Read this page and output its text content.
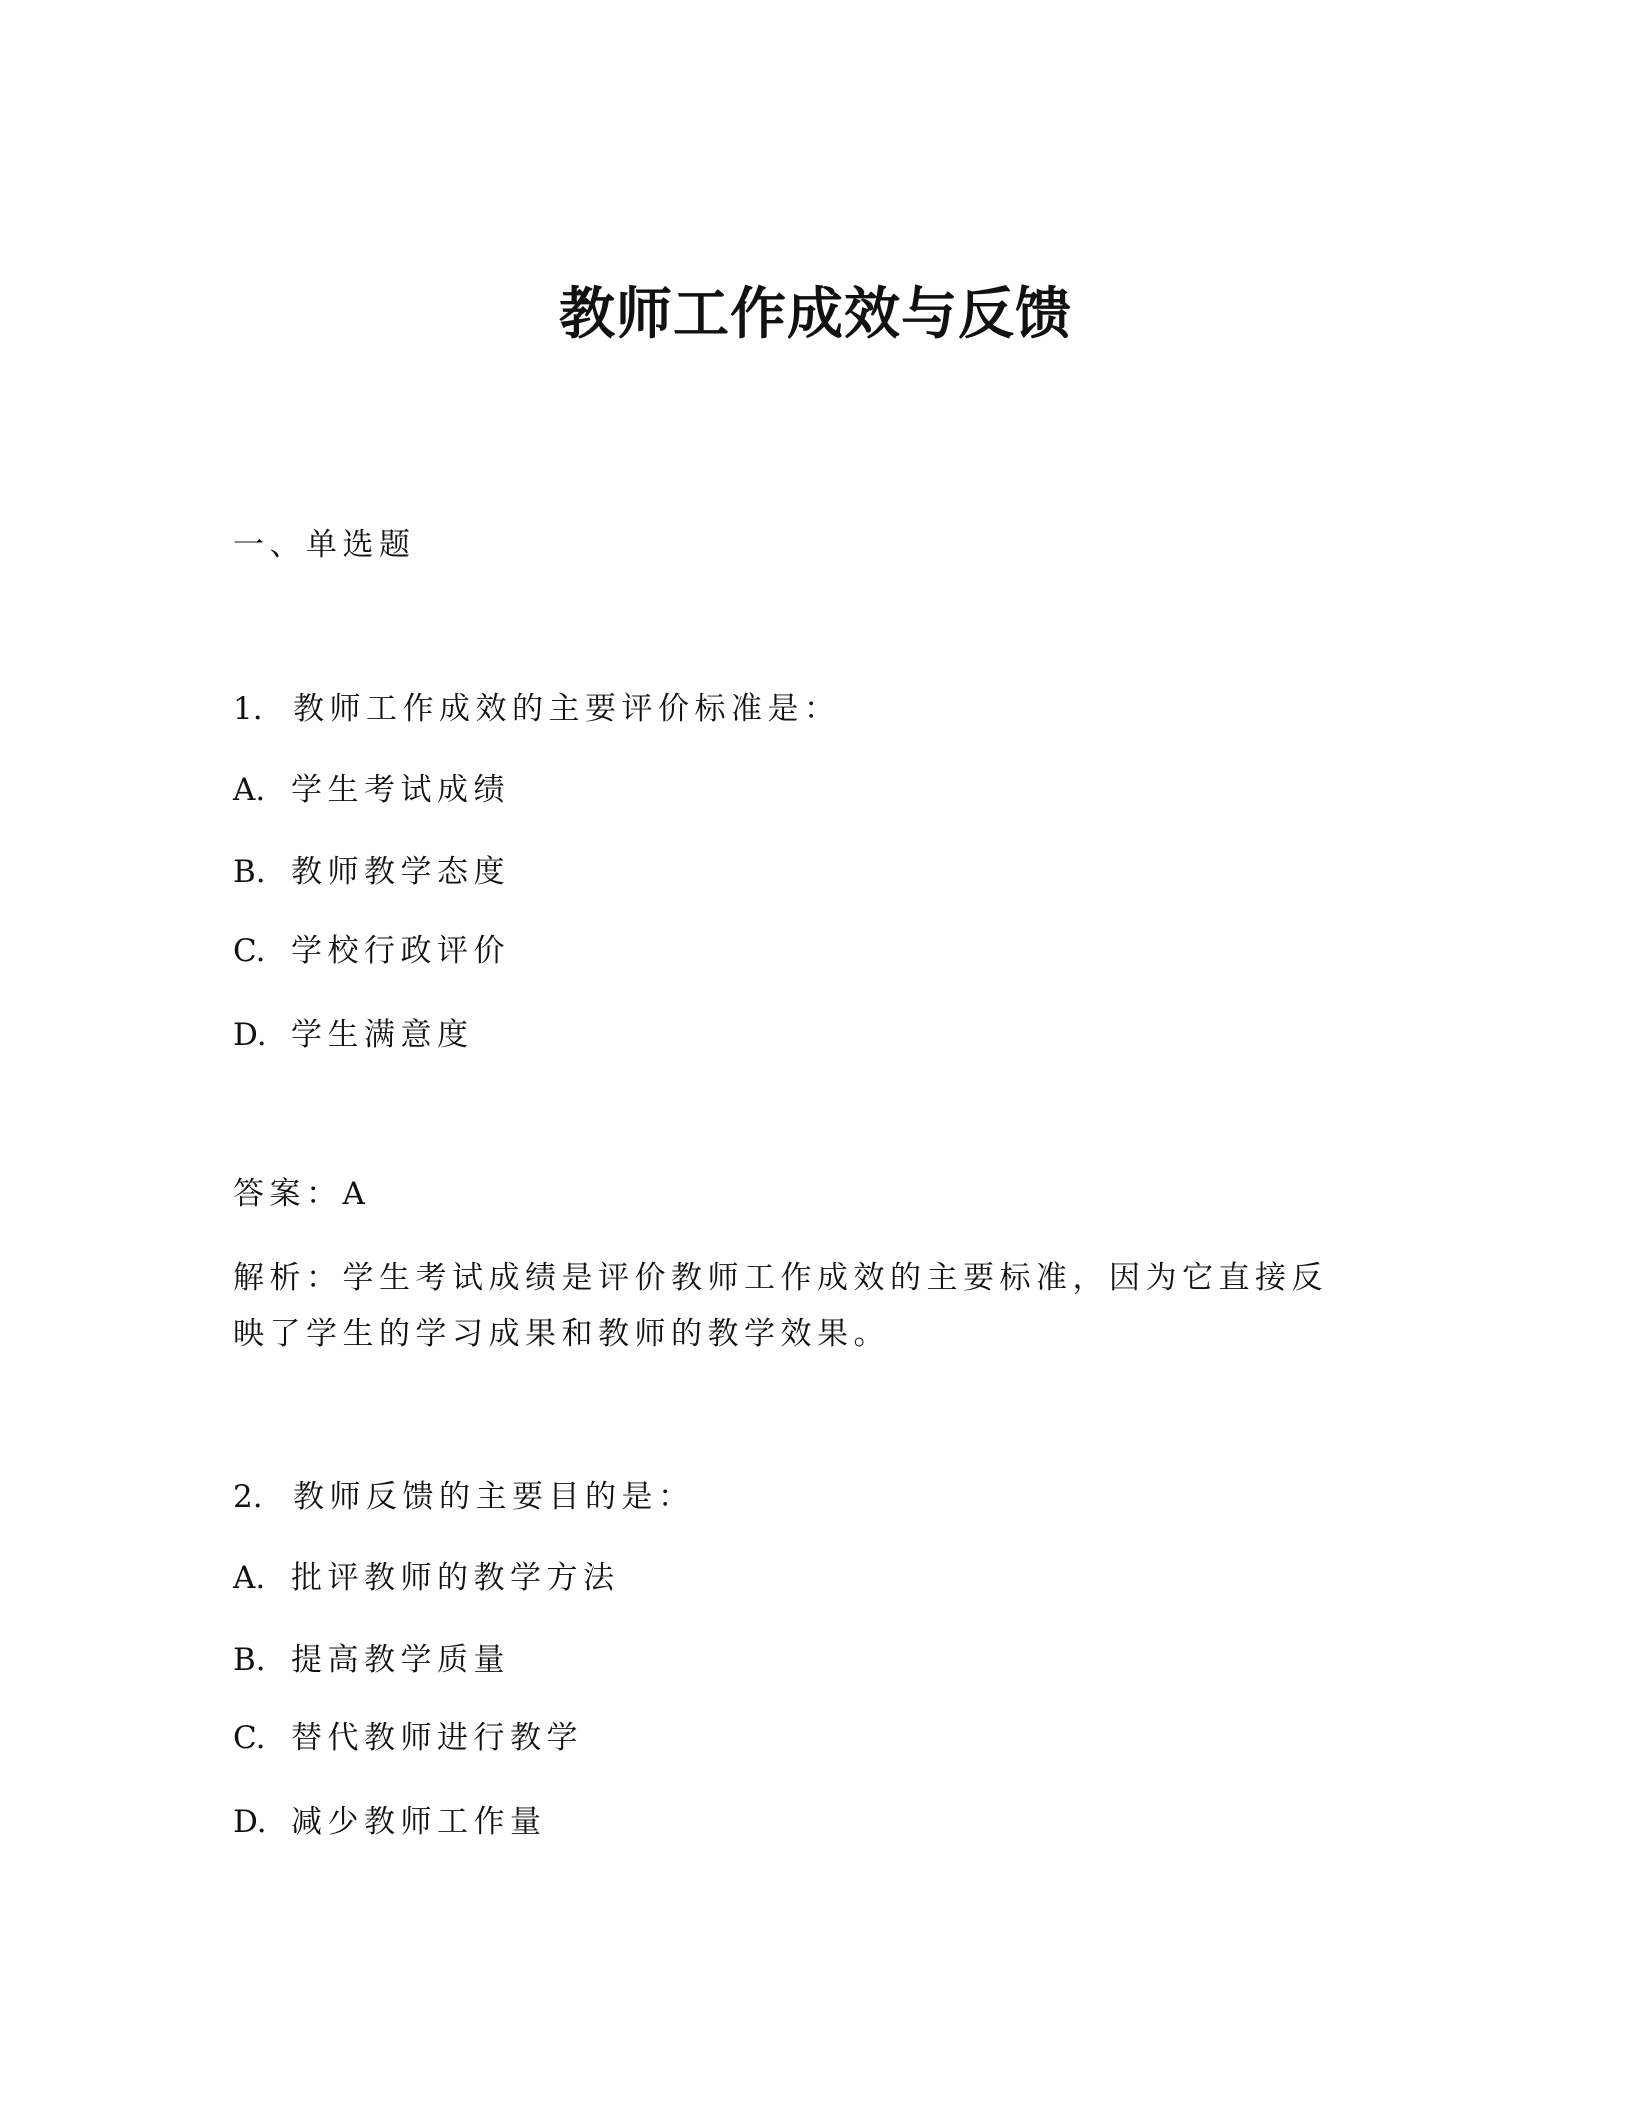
教师工作成效与反馈
一、单选题
1. 教师工作成效的主要评价标准是：
A. 学生考试成绩
B. 教师教学态度
C. 学校行政评价
D. 学生满意度
答案：A
解析：学生考试成绩是评价教师工作成效的主要标准，因为它直接反
映了学生的学习成果和教师的教学效果。
2. 教师反馈的主要目的是：
A. 批评教师的教学方法
B. 提高教学质量
C. 替代教师进行教学
D. 减少教师工作量
